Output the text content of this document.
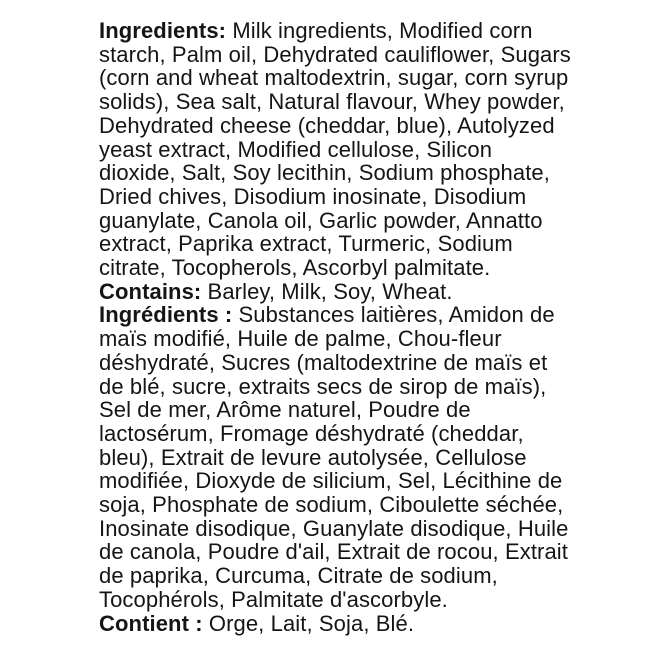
Ingredients: Milk ingredients, Modified corn
starch, Palm oil, Dehydrated cauliflower, Sugars
(corn and wheat maltodextrin, sugar, corn syrup
solids), Sea salt, Natural flavour, Whey powder,
Dehydrated cheese (cheddar, blue), Autolyzed
yeast extract, Modified cellulose, Silicon
dioxide, Salt, Soy lecithin, Sodium phosphate,
Dried chives, Disodium inosinate, Disodium
guanylate, Canola oil, Garlic powder, Annatto
extract, Paprika extract, Turmeric, Sodium
citrate, Tocopherols, Ascorbyl palmitate.
Contains: Barley, Milk, Soy, Wheat.
Ingrédients : Substances laitières, Amidon de
maïs modifié, Huile de palme, Chou-fleur
déshydraté, Sucres (maltodextrine de maïs et
de blé, sucre, extraits secs de sirop de maïs),
Sel de mer, Arôme naturel, Poudre de
lactosérum, Fromage déshydraté (cheddar,
bleu), Extrait de levure autolysée, Cellulose
modifiée, Dioxyde de silicium, Sel, Lécithine de
soja, Phosphate de sodium, Ciboulette séchée,
Inosinate disodique, Guanylate disodique, Huile
de canola, Poudre d'ail, Extrait de rocou, Extrait
de paprika, Curcuma, Citrate de sodium,
Tocophérols, Palmitate d'ascorbyle.
Contient : Orge, Lait, Soja, Blé.
